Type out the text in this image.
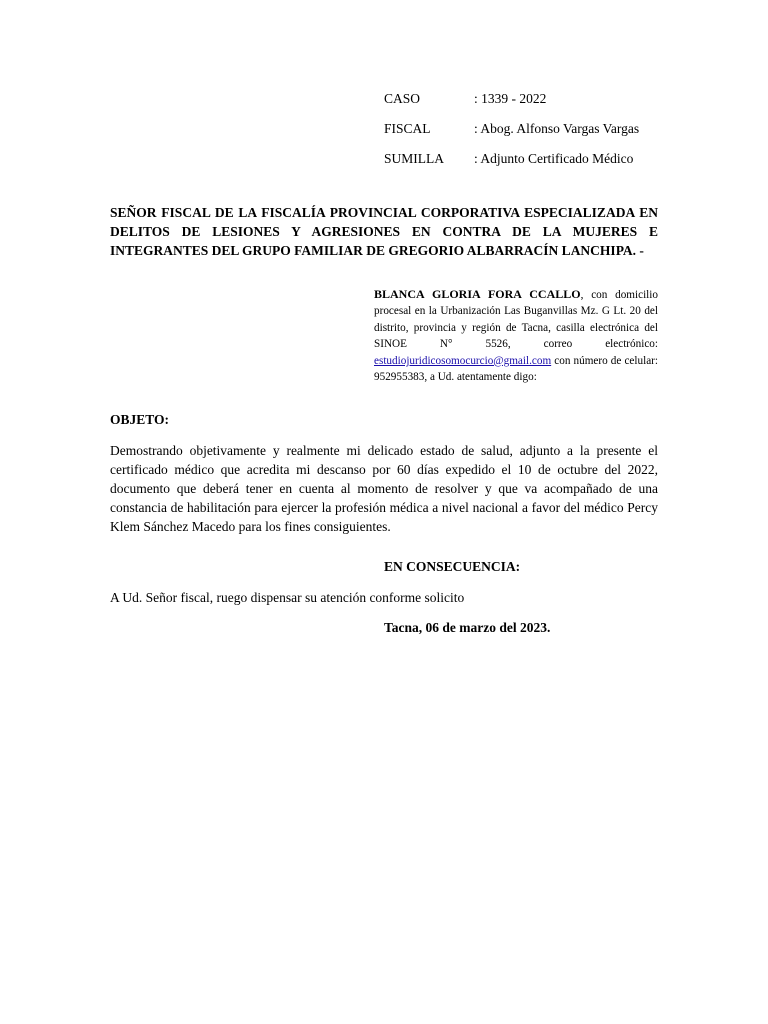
CASO	: 1339 - 2022
FISCAL	: Abog. Alfonso Vargas Vargas
SUMILLA	: Adjunto Certificado Médico
SEÑOR FISCAL DE LA FISCALÍA PROVINCIAL CORPORATIVA ESPECIALIZADA EN DELITOS DE LESIONES Y AGRESIONES EN CONTRA DE LA MUJERES E INTEGRANTES DEL GRUPO FAMILIAR DE GREGORIO ALBARRACÍN LANCHIPA. -
BLANCA GLORIA FORA CCALLO, con domicilio procesal en la Urbanización Las Buganvillas Mz. G Lt. 20 del distrito, provincia y región de Tacna, casilla electrónica del SINOE N° 5526, correo electrónico: estudiojuridicosomocurcio@gmail.com con número de celular: 952955383, a Ud. atentamente digo:
OBJETO:
Demostrando objetivamente y realmente mi delicado estado de salud, adjunto a la presente el certificado médico que acredita mi descanso por 60 días expedido el 10 de octubre del 2022, documento que deberá tener en cuenta al momento de resolver y que va acompañado de una constancia de habilitación para ejercer la profesión médica a nivel nacional a favor del médico Percy Klem Sánchez Macedo para los fines consiguientes.
EN CONSECUENCIA:
A Ud. Señor fiscal, ruego dispensar su atención conforme solicito
Tacna, 06 de marzo del 2023.
